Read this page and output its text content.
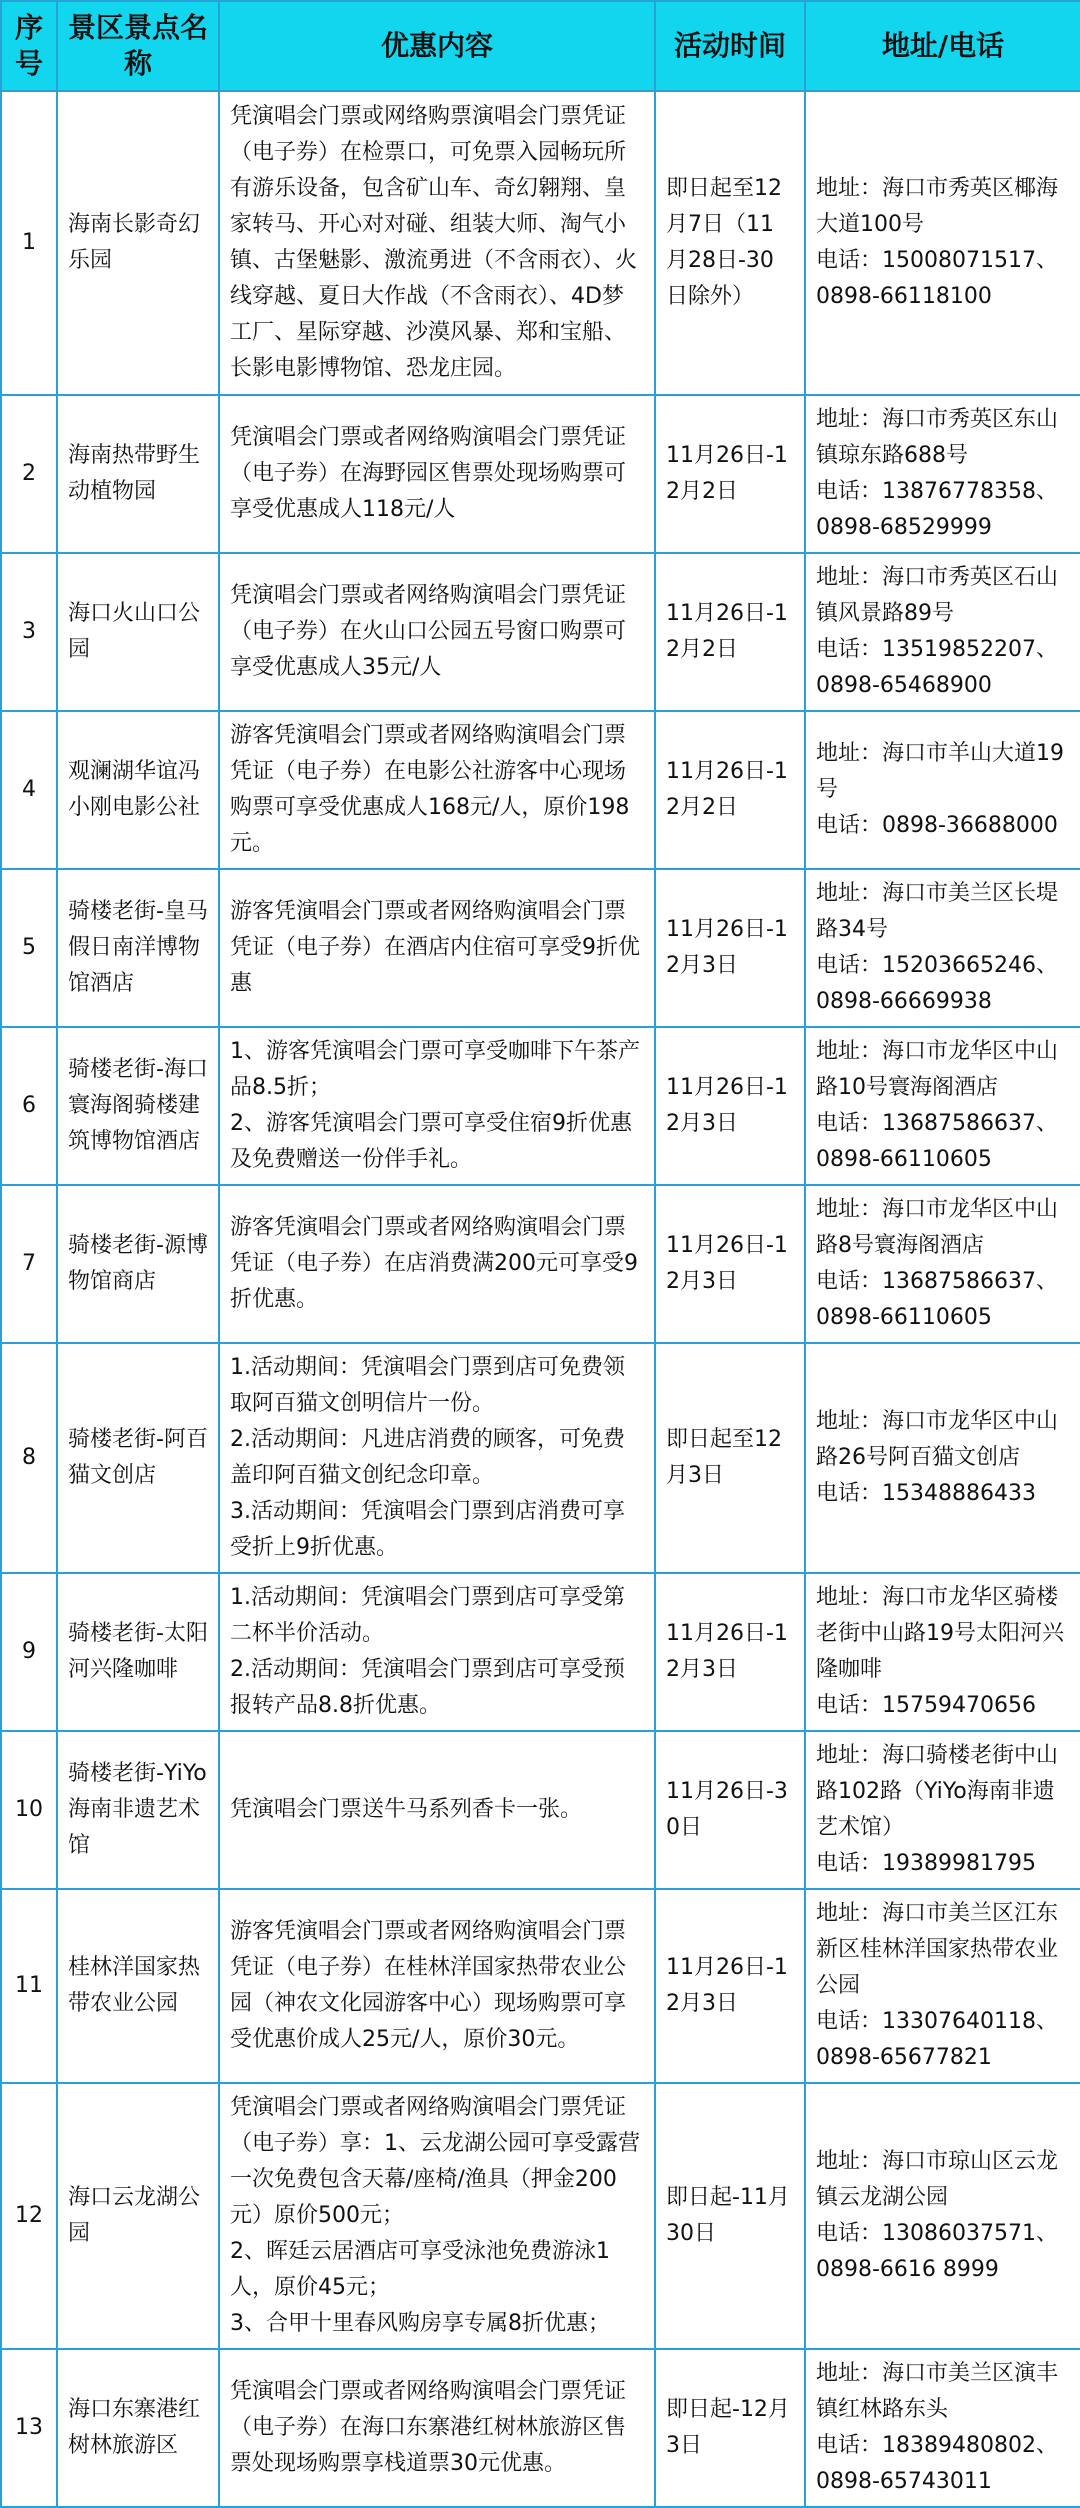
序号	景区景点名称	优惠内容	活动时间	地址/电话
1	海南长影奇幻乐园	凭演唱会门票或网络购票演唱会门票凭证（电子券）在检票口，可免票入园畅玩所有游乐设备，包含矿山车、奇幻翱翔、皇家转马、开心对对碰、组装大师、淘气小镇、古堡魅影、激流勇进（不含雨衣）、火线穿越、夏日大作战（不含雨衣）、4D梦工厂、星际穿越、沙漠风暴、郑和宝船、长影电影博物馆、恐龙庄园。	即日起至12月7日（11月28日-30日除外）	地址：海口市秀英区椰海大道100号
电话：15008071517、0898-66118100

2	海南热带野生动植物园	凭演唱会门票或者网络购演唱会门票凭证（电子券）在海野园区售票处现场购票可享受优惠成人118元/人	11月26日-12月2日	地址：海口市秀英区东山镇琼东路688号
电话：13876778358、0898-68529999

3	海口火山口公园	凭演唱会门票或者网络购演唱会门票凭证（电子券）在火山口公园五号窗口购票可享受优惠成人35元/人	11月26日-12月2日	地址：海口市秀英区石山镇风景路89号
电话：13519852207、0898-65468900

4	观澜湖华谊冯小刚电影公社	游客凭演唱会门票或者网络购演唱会门票凭证（电子券）在电影公社游客中心现场购票可享受优惠成人168元/人，原价198元。	11月26日-12月2日	地址：海口市羊山大道19号
电话：0898-36688000

5	骑楼老街-皇马假日南洋博物馆酒店	游客凭演唱会门票或者网络购演唱会门票凭证（电子券）在酒店内住宿可享受9折优惠	11月26日-12月3日	地址：海口市美兰区长堤路34号
电话：15203665246、0898-66669938

6	骑楼老街-海口寰海阁骑楼建筑博物馆酒店	1、游客凭演唱会门票可享受咖啡下午茶产品8.5折；
2、游客凭演唱会门票可享受住宿9折优惠及免费赠送一份伴手礼。	11月26日-12月3日	地址：海口市龙华区中山路10号寰海阁酒店
电话：13687586637、0898-66110605

7	骑楼老街-源博物馆商店	游客凭演唱会门票或者网络购演唱会门票凭证（电子券）在店消费满200元可享受9折优惠。	11月26日-12月3日	地址：海口市龙华区中山路8号寰海阁酒店
电话：13687586637、0898-66110605

8	骑楼老街-阿百猫文创店	1.活动期间：凭演唱会门票到店可免费领取阿百猫文创明信片一份。
2.活动期间：凡进店消费的顾客，可免费盖印阿百猫文创纪念印章。
3.活动期间：凭演唱会门票到店消费可享受折上9折优惠。	即日起至12月3日	地址：海口市龙华区中山路26号阿百猫文创店
电话：15348886433

9	骑楼老街-太阳河兴隆咖啡	1.活动期间：凭演唱会门票到店可享受第二杯半价活动。
2.活动期间：凭演唱会门票到店可享受预报转产品8.8折优惠。	11月26日-12月3日	地址：海口市龙华区骑楼老街中山路19号太阳河兴隆咖啡
电话：15759470656

10	骑楼老街-YiYo海南非遗艺术馆	凭演唱会门票送牛马系列香卡一张。	11月26日-30日	地址：海口骑楼老街中山路102路（YiYo海南非遗艺术馆）
电话：19389981795

11	桂林洋国家热带农业公园	游客凭演唱会门票或者网络购演唱会门票凭证（电子券）在桂林洋国家热带农业公园（神农文化园游客中心）现场购票可享受优惠价成人25元/人，原价30元。	11月26日-12月3日	地址：海口市美兰区江东新区桂林洋国家热带农业公园
电话：13307640118、0898-65677821

12	海口云龙湖公园	凭演唱会门票或者网络购演唱会门票凭证（电子券）享：1、云龙湖公园可享受露营一次免费包含天幕/座椅/渔具（押金200元）原价500元；
2、晖廷云居酒店可享受泳池免费游泳1人，原价45元；
3、合甲十里春风购房享专属8折优惠；	即日起-11月30日	地址：海口市琼山区云龙镇云龙湖公园
电话：13086037571、0898-6616 8999

13	海口东寨港红树林旅游区	凭演唱会门票或者网络购演唱会门票凭证（电子券）在海口东寨港红树林旅游区售票处现场购票享栈道票30元优惠。	即日起-12月3日	地址：海口市美兰区演丰镇红林路东头
电话：18389480802、0898-65743011
